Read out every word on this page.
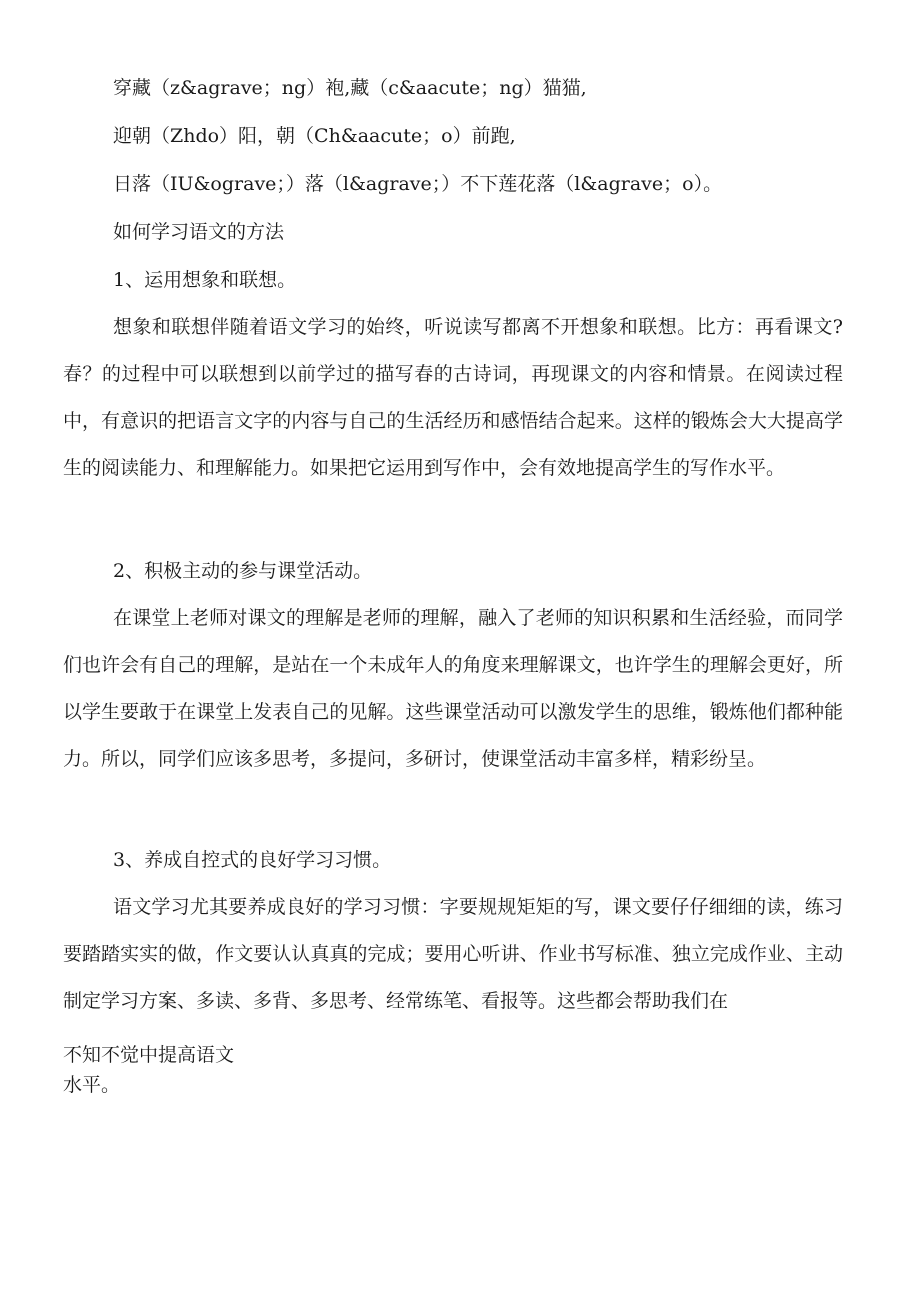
穿藏（z&agrave；ng）袍,藏（c&aacute；ng）猫猫,
迎朝（Zhdo）阳，朝（Ch&aacute；o）前跑,
日落（IU&ograve；）落（l&agrave；）不下莲花落（l&agrave；o）。
如何学习语文的方法
1、运用想象和联想。
想象和联想伴随着语文学习的始终，听说读写都离不开想象和联想。比方：再看课文?春？的过程中可以联想到以前学过的描写春的古诗词，再现课文的内容和情景。在阅读过程中，有意识的把语言文字的内容与自己的生活经历和感悟结合起来。这样的锻炼会大大提高学生的阅读能力、和理解能力。如果把它运用到写作中，会有效地提高学生的写作水平。
2、积极主动的参与课堂活动。
在课堂上老师对课文的理解是老师的理解，融入了老师的知识积累和生活经验，而同学们也许会有自己的理解，是站在一个未成年人的角度来理解课文，也许学生的理解会更好，所以学生要敢于在课堂上发表自己的见解。这些课堂活动可以激发学生的思维，锻炼他们都种能力。所以，同学们应该多思考，多提问，多研讨，使课堂活动丰富多样，精彩纷呈。
3、养成自控式的良好学习习惯。
语文学习尤其要养成良好的学习习惯：字要规规矩矩的写，课文要仔仔细细的读，练习要踏踏实实的做，作文要认认真真的完成；要用心听讲、作业书写标准、独立完成作业、主动制定学习方案、多读、多背、多思考、经常练笔、看报等。这些都会帮助我们在
不知不觉中提高语文
水平。
